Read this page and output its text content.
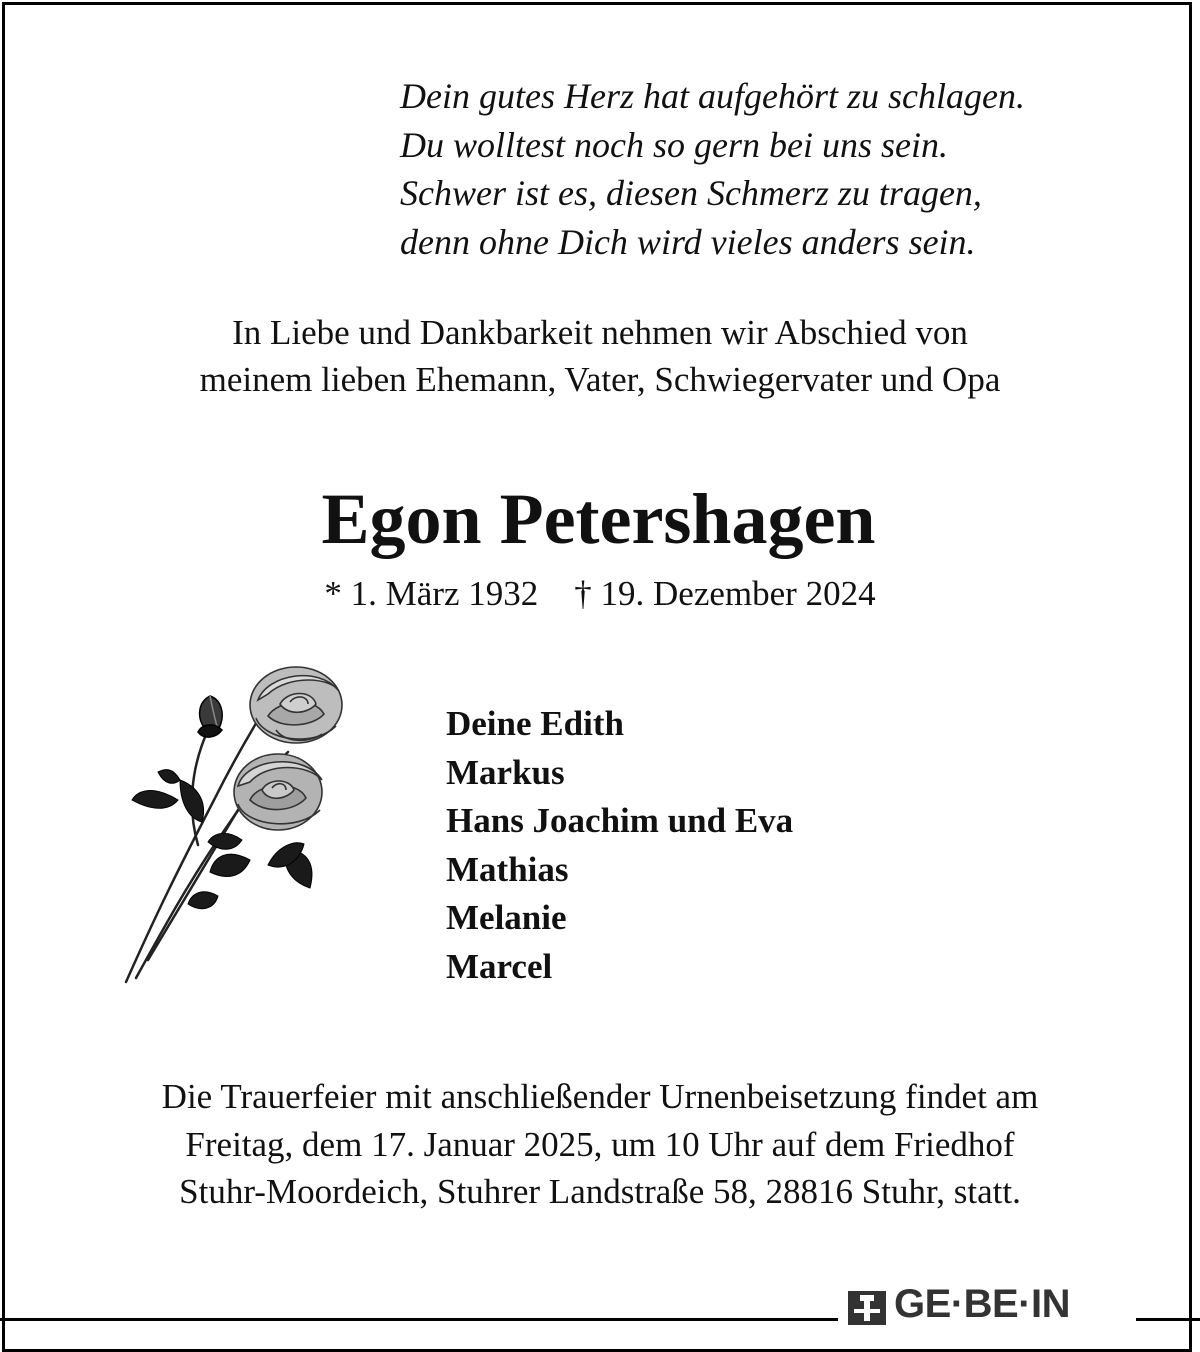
Dein gutes Herz hat aufgehört zu schlagen.
Du wolltest noch so gern bei uns sein.
Schwer ist es, diesen Schmerz zu tragen,
denn ohne Dich wird vieles anders sein.
In Liebe und Dankbarkeit nehmen wir Abschied von
meinem lieben Ehemann, Vater, Schwiegervater und Opa
Egon Petershagen
* 1. März 1932 † 19. Dezember 2024
Deine Edith
Markus
Hans Joachim und Eva
Mathias
Melanie
Marcel
Die Trauerfeier mit anschließender Urnenbeisetzung findet am
Freitag, dem 17. Januar 2025, um 10 Uhr auf dem Friedhof
Stuhr-Moordeich, Stuhrer Landstraße 58, 28816 Stuhr, statt.
GE·BE·IN
